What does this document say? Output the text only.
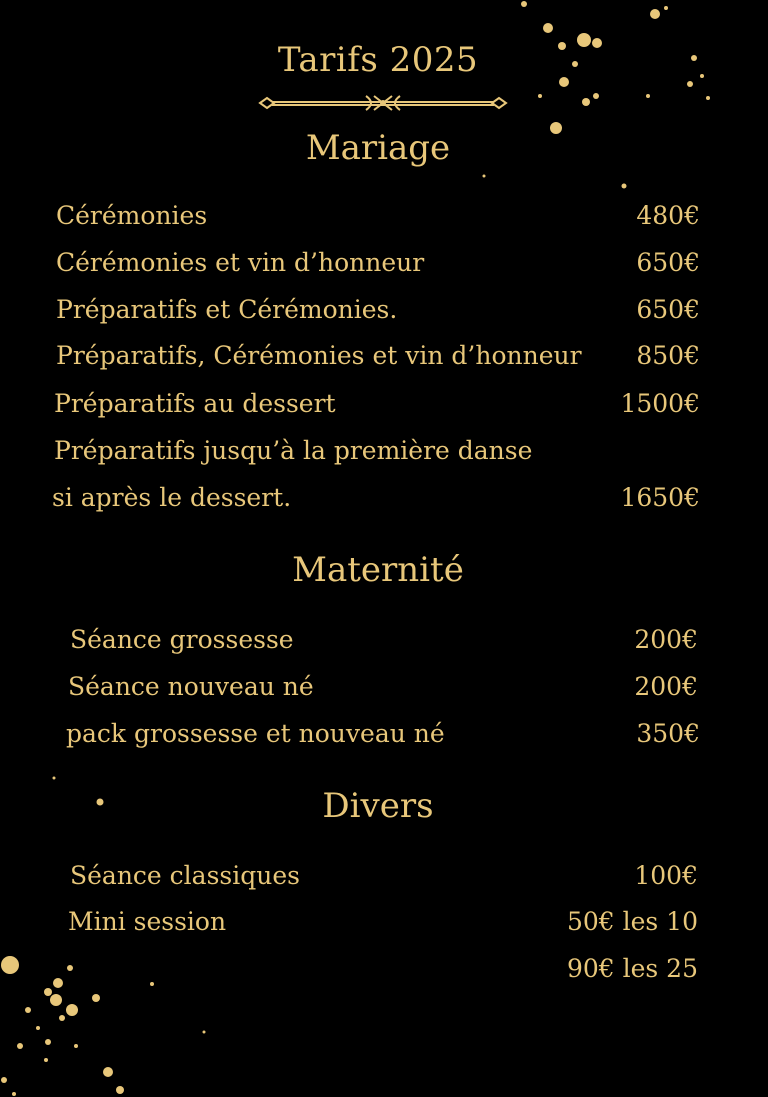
Tarifs 2025
Mariage
Cérémonies	480€
Cérémonies et vin d’honneur	650€
Préparatifs et Cérémonies.	650€
Préparatifs, Cérémonies et vin d’honneur 850€
Préparatifs au dessert	1500€
Préparatifs jusqu’à la première danse
si après le dessert.	1650€
Maternité
Séance grossesse	200€
Séance nouveau né	200€
pack grossesse et nouveau né	350€
Divers
Séance classiques	100€
Mini session	50€ les 10
90€ les 25
